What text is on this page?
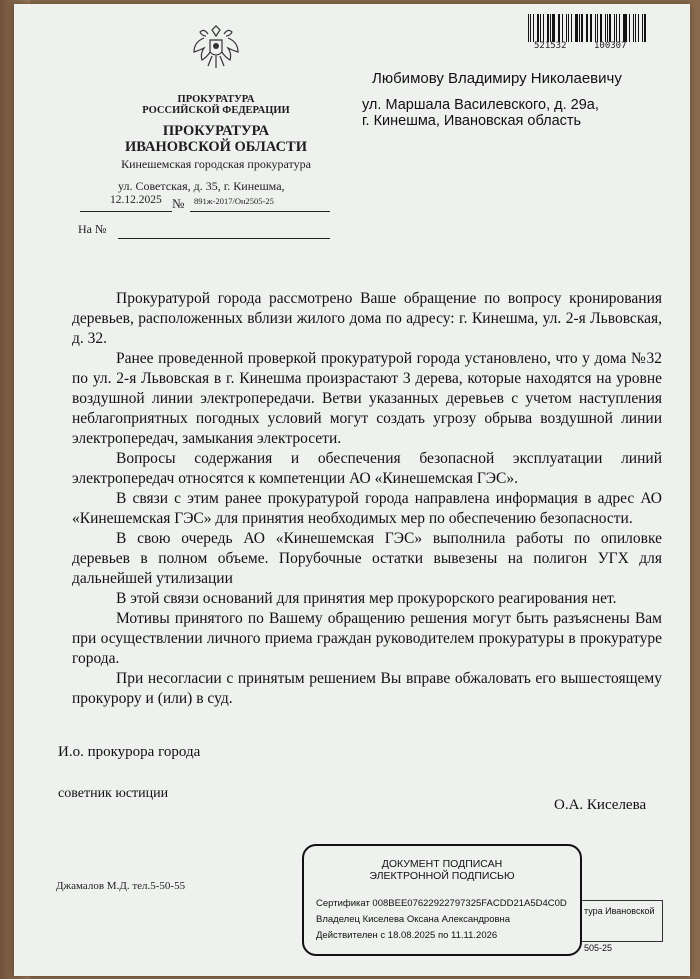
521532	100307
ПРОКУРАТУРА
РОССИЙСКОЙ ФЕДЕРАЦИИ
ПРОКУРАТУРА
ИВАНОВСКОЙ ОБЛАСТИ
Кинешемская городская прокуратура
ул. Советская, д. 35, г. Кинешма,
12.12.2025 № 891ж-2017/Он2505-25
На №
Любимову Владимиру Николаевичу
ул. Маршала Василевского, д. 29а,
г. Кинешма, Ивановская область

Прокуратурой города рассмотрено Ваше обращение по вопросу кронирования деревьев, расположенных вблизи жилого дома по адресу: г. Кинешма, ул. 2-я Львовская, д. 32.

Ранее проведенной проверкой прокуратурой города установлено, что у дома №32 по ул. 2-я Львовская в г. Кинешма произрастают 3 дерева, которые находятся на уровне воздушной линии электропередачи. Ветви указанных деревьев с учетом наступления неблагоприятных погодных условий могут создать угрозу обрыва воздушной линии электропередач, замыкания электросети.

Вопросы содержания и обеспечения безопасной эксплуатации линий электропередач относятся к компетенции АО «Кинешемская ГЭС».

В связи с этим ранее прокуратурой города направлена информация в адрес АО «Кинешемская ГЭС» для принятия необходимых мер по обеспечению безопасности.

В свою очередь АО «Кинешемская ГЭС» выполнила работы по опиловке деревьев в полном объеме. Порубочные остатки вывезены на полигон УГХ для дальнейшей утилизации

В этой связи оснований для принятия мер прокурорского реагирования нет.

Мотивы принятого по Вашему обращению решения могут быть разъяснены Вам при осуществлении личного приема граждан руководителем прокуратуры в прокуратуре города.

При несогласии с принятым решением Вы вправе обжаловать его вышестоящему прокурору и (или) в суд.

И.о. прокурора города
советник юстиции
О.А. Киселева
Джамалов М.Д. тел.5-50-55
тура Ивановской
505-25
ДОКУМЕНТ ПОДПИСАН
ЭЛЕКТРОННОЙ ПОДПИСЬЮ
Сертификат 008BEE07622922797325FACDD21A5D4C0D
Владелец Киселева Оксана Александровна
Действителен с 18.08.2025 по 11.11.2026
